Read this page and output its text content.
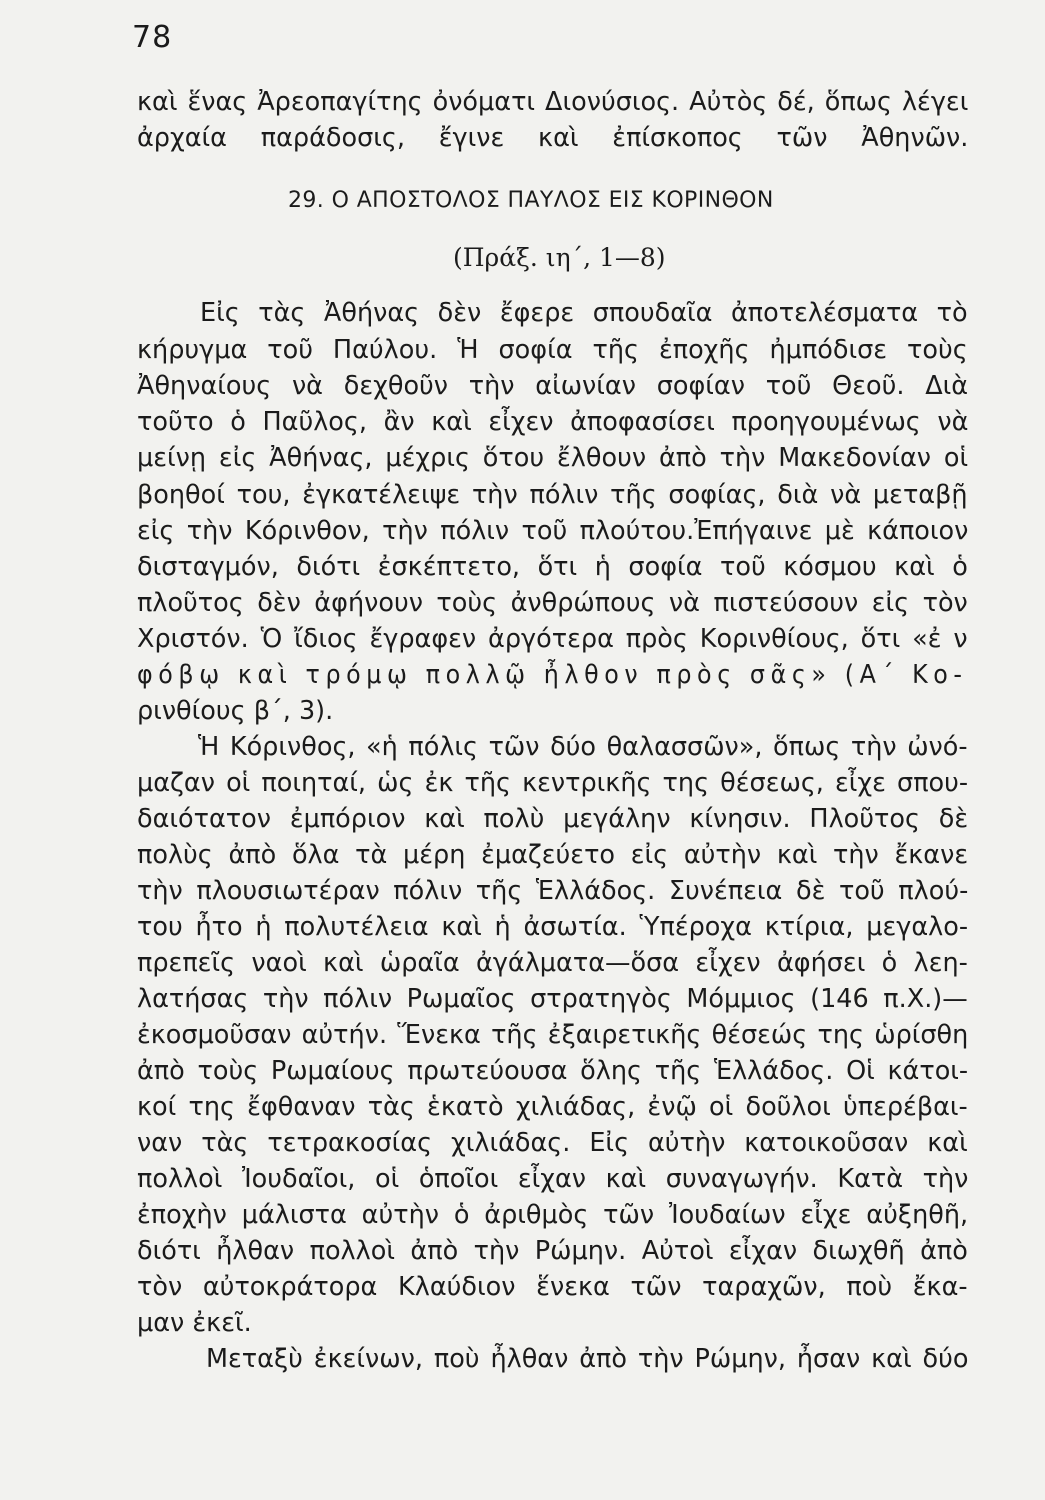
78
καὶ ἕνας Ἀρεοπαγίτης ὀνόματι Διονύσιος. Αὐτὸς δέ, ὅπως λέγει
ἀρχαία παράδοσις, ἔγινε καὶ ἐπίσκοπος τῶν Ἀθηνῶν.
29. Ο ΑΠΟΣΤΟΛΟΣ ΠΑΥΛΟΣ ΕΙΣ ΚΟΡΙΝΘΟΝ
(Πράξ. ιη΄, 1—8)
Εἰς τὰς Ἀθήνας δὲν ἔφερε σπουδαῖα ἀποτελέσματα τὸ
κήρυγμα τοῦ Παύλου. Ἡ σοφία τῆς ἐποχῆς ἠμπόδισε τοὺς
Ἀθηναίους νὰ δεχθοῦν τὴν αἰωνίαν σοφίαν τοῦ Θεοῦ. Διὰ
τοῦτο ὁ Παῦλος, ἂν καὶ εἶχεν ἀποφασίσει προηγουμένως νὰ
μείνῃ εἰς Ἀθήνας, μέχρις ὅτου ἔλθουν ἀπὸ τὴν Μακεδονίαν οἱ
βοηθοί του, ἐγκατέλειψε τὴν πόλιν τῆς σοφίας, διὰ νὰ μεταβῇ
εἰς τὴν Κόρινθον, τὴν πόλιν τοῦ πλούτου.Ἐπήγαινε μὲ κάποιον
δισταγμόν, διότι ἐσκέπτετο, ὅτι ἡ σοφία τοῦ κόσμου καὶ ὁ
πλοῦτος δὲν ἀφήνουν τοὺς ἀνθρώπους νὰ πιστεύσουν εἰς τὸν
Χριστόν. Ὁ ἴδιος ἔγραφεν ἀργότερα πρὸς Κορινθίους, ὅτι «ἐ ν
φόβῳ καὶ τρόμῳ πολλῷ ἦλθον πρὸς σᾶς» (Α΄ Κο-
ρινθίους β΄, 3).
Ἡ Κόρινθος, «ἡ πόλις τῶν δύο θαλασσῶν», ὅπως τὴν ὠνό-
μαζαν οἱ ποιηταί, ὡς ἐκ τῆς κεντρικῆς της θέσεως, εἶχε σπου-
δαιότατον ἐμπόριον καὶ πολὺ μεγάλην κίνησιν. Πλοῦτος δὲ
πολὺς ἀπὸ ὅλα τὰ μέρη ἐμαζεύετο εἰς αὐτὴν καὶ τὴν ἔκανε
τὴν πλουσιωτέραν πόλιν τῆς Ἑλλάδος. Συνέπεια δὲ τοῦ πλού-
του ἦτο ἡ πολυτέλεια καὶ ἡ ἀσωτία. Ὑπέροχα κτίρια, μεγαλο-
πρεπεῖς ναοὶ καὶ ὡραῖα ἀγάλματα—ὅσα εἶχεν ἀφήσει ὁ λεη-
λατήσας τὴν πόλιν Ρωμαῖος στρατηγὸς Μόμμιος (146 π.Χ.)—
ἐκοσμοῦσαν αὐτήν. Ἕνεκα τῆς ἐξαιρετικῆς θέσεώς της ὡρίσθη
ἀπὸ τοὺς Ρωμαίους πρωτεύουσα ὅλης τῆς Ἑλλάδος. Οἱ κάτοι-
κοί της ἔφθαναν τὰς ἑκατὸ χιλιάδας, ἐνῷ οἱ δοῦλοι ὑπερέβαι-
ναν τὰς τετρακοσίας χιλιάδας. Εἰς αὐτὴν κατοικοῦσαν καὶ
πολλοὶ Ἰουδαῖοι, οἱ ὁποῖοι εἶχαν καὶ συναγωγήν. Κατὰ τὴν
ἐποχὴν μάλιστα αὐτὴν ὁ ἀριθμὸς τῶν Ἰουδαίων εἶχε αὐξηθῆ,
διότι ἦλθαν πολλοὶ ἀπὸ τὴν Ρώμην. Αὐτοὶ εἶχαν διωχθῆ ἀπὸ
τὸν αὐτοκράτορα Κλαύδιον ἕνεκα τῶν ταραχῶν, ποὺ ἔκα-
μαν ἐκεῖ.
Μεταξὺ ἐκείνων, ποὺ ἦλθαν ἀπὸ τὴν Ρώμην, ἦσαν καὶ δύο
